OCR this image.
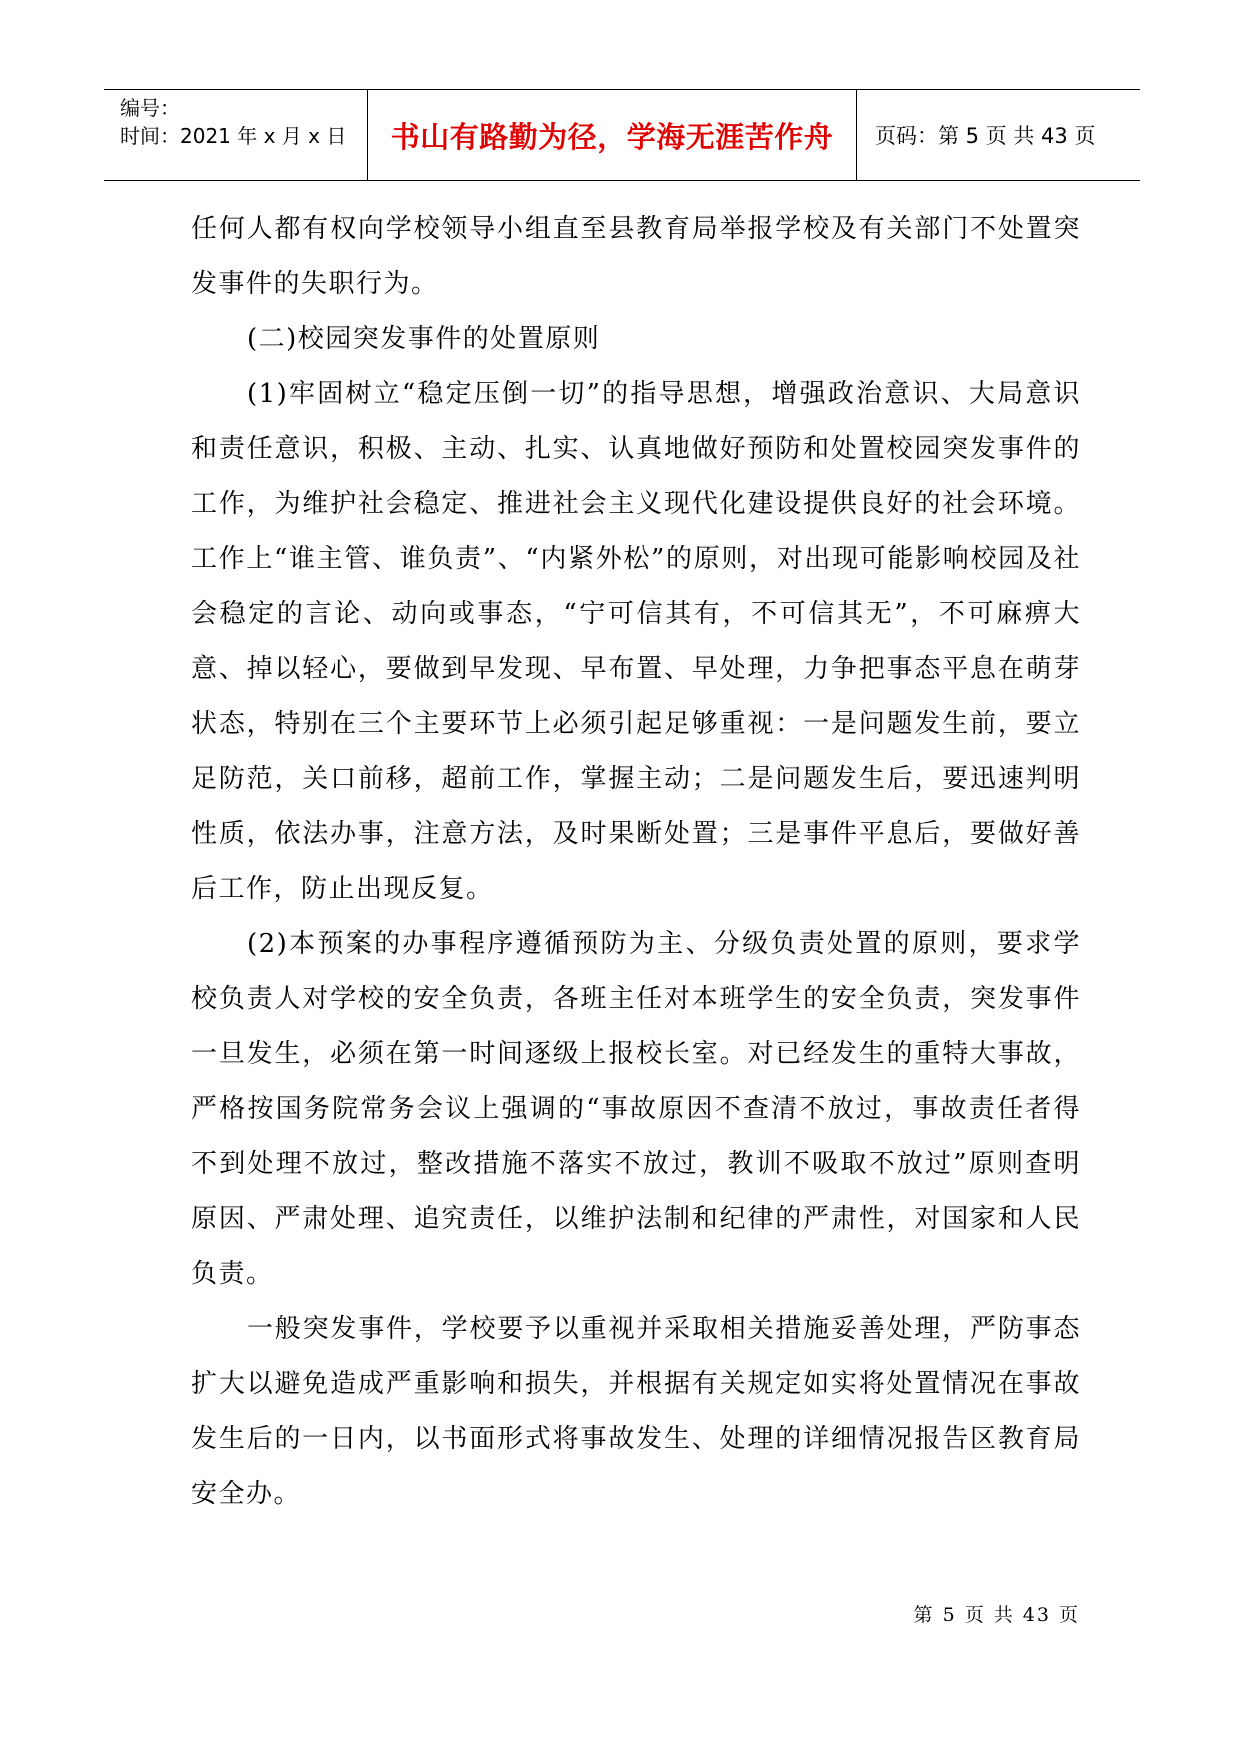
编号：
时间：2021 年 x 月 x 日	书山有路勤为径，学海无涯苦作舟	页码：第 5 页 共 43 页

任何人都有权向学校领导小组直至县教育局举报学校及有关部门不处置突发事件的失职行为。

(二)校园突发事件的处置原则

(1)牢固树立“稳定压倒一切”的指导思想，增强政治意识、大局意识和责任意识，积极、主动、扎实、认真地做好预防和处置校园突发事件的工作，为维护社会稳定、推进社会主义现代化建设提供良好的社会环境。工作上“谁主管、谁负责”、“内紧外松”的原则，对出现可能影响校园及社会稳定的言论、动向或事态，“宁可信其有，不可信其无”，不可麻痹大意、掉以轻心，要做到早发现、早布置、早处理，力争把事态平息在萌芽状态，特别在三个主要环节上必须引起足够重视：一是问题发生前，要立足防范，关口前移，超前工作，掌握主动；二是问题发生后，要迅速判明性质，依法办事，注意方法，及时果断处置；三是事件平息后，要做好善后工作，防止出现反复。

(2)本预案的办事程序遵循预防为主、分级负责处置的原则，要求学校负责人对学校的安全负责，各班主任对本班学生的安全负责，突发事件一旦发生，必须在第一时间逐级上报校长室。对已经发生的重特大事故，严格按国务院常务会议上强调的“事故原因不查清不放过，事故责任者得不到处理不放过，整改措施不落实不放过，教训不吸取不放过”原则查明原因、严肃处理、追究责任，以维护法制和纪律的严肃性，对国家和人民负责。

一般突发事件，学校要予以重视并采取相关措施妥善处理，严防事态扩大以避免造成严重影响和损失，并根据有关规定如实将处置情况在事故发生后的一日内，以书面形式将事故发生、处理的详细情况报告区教育局安全办。

第 5 页 共 43 页
